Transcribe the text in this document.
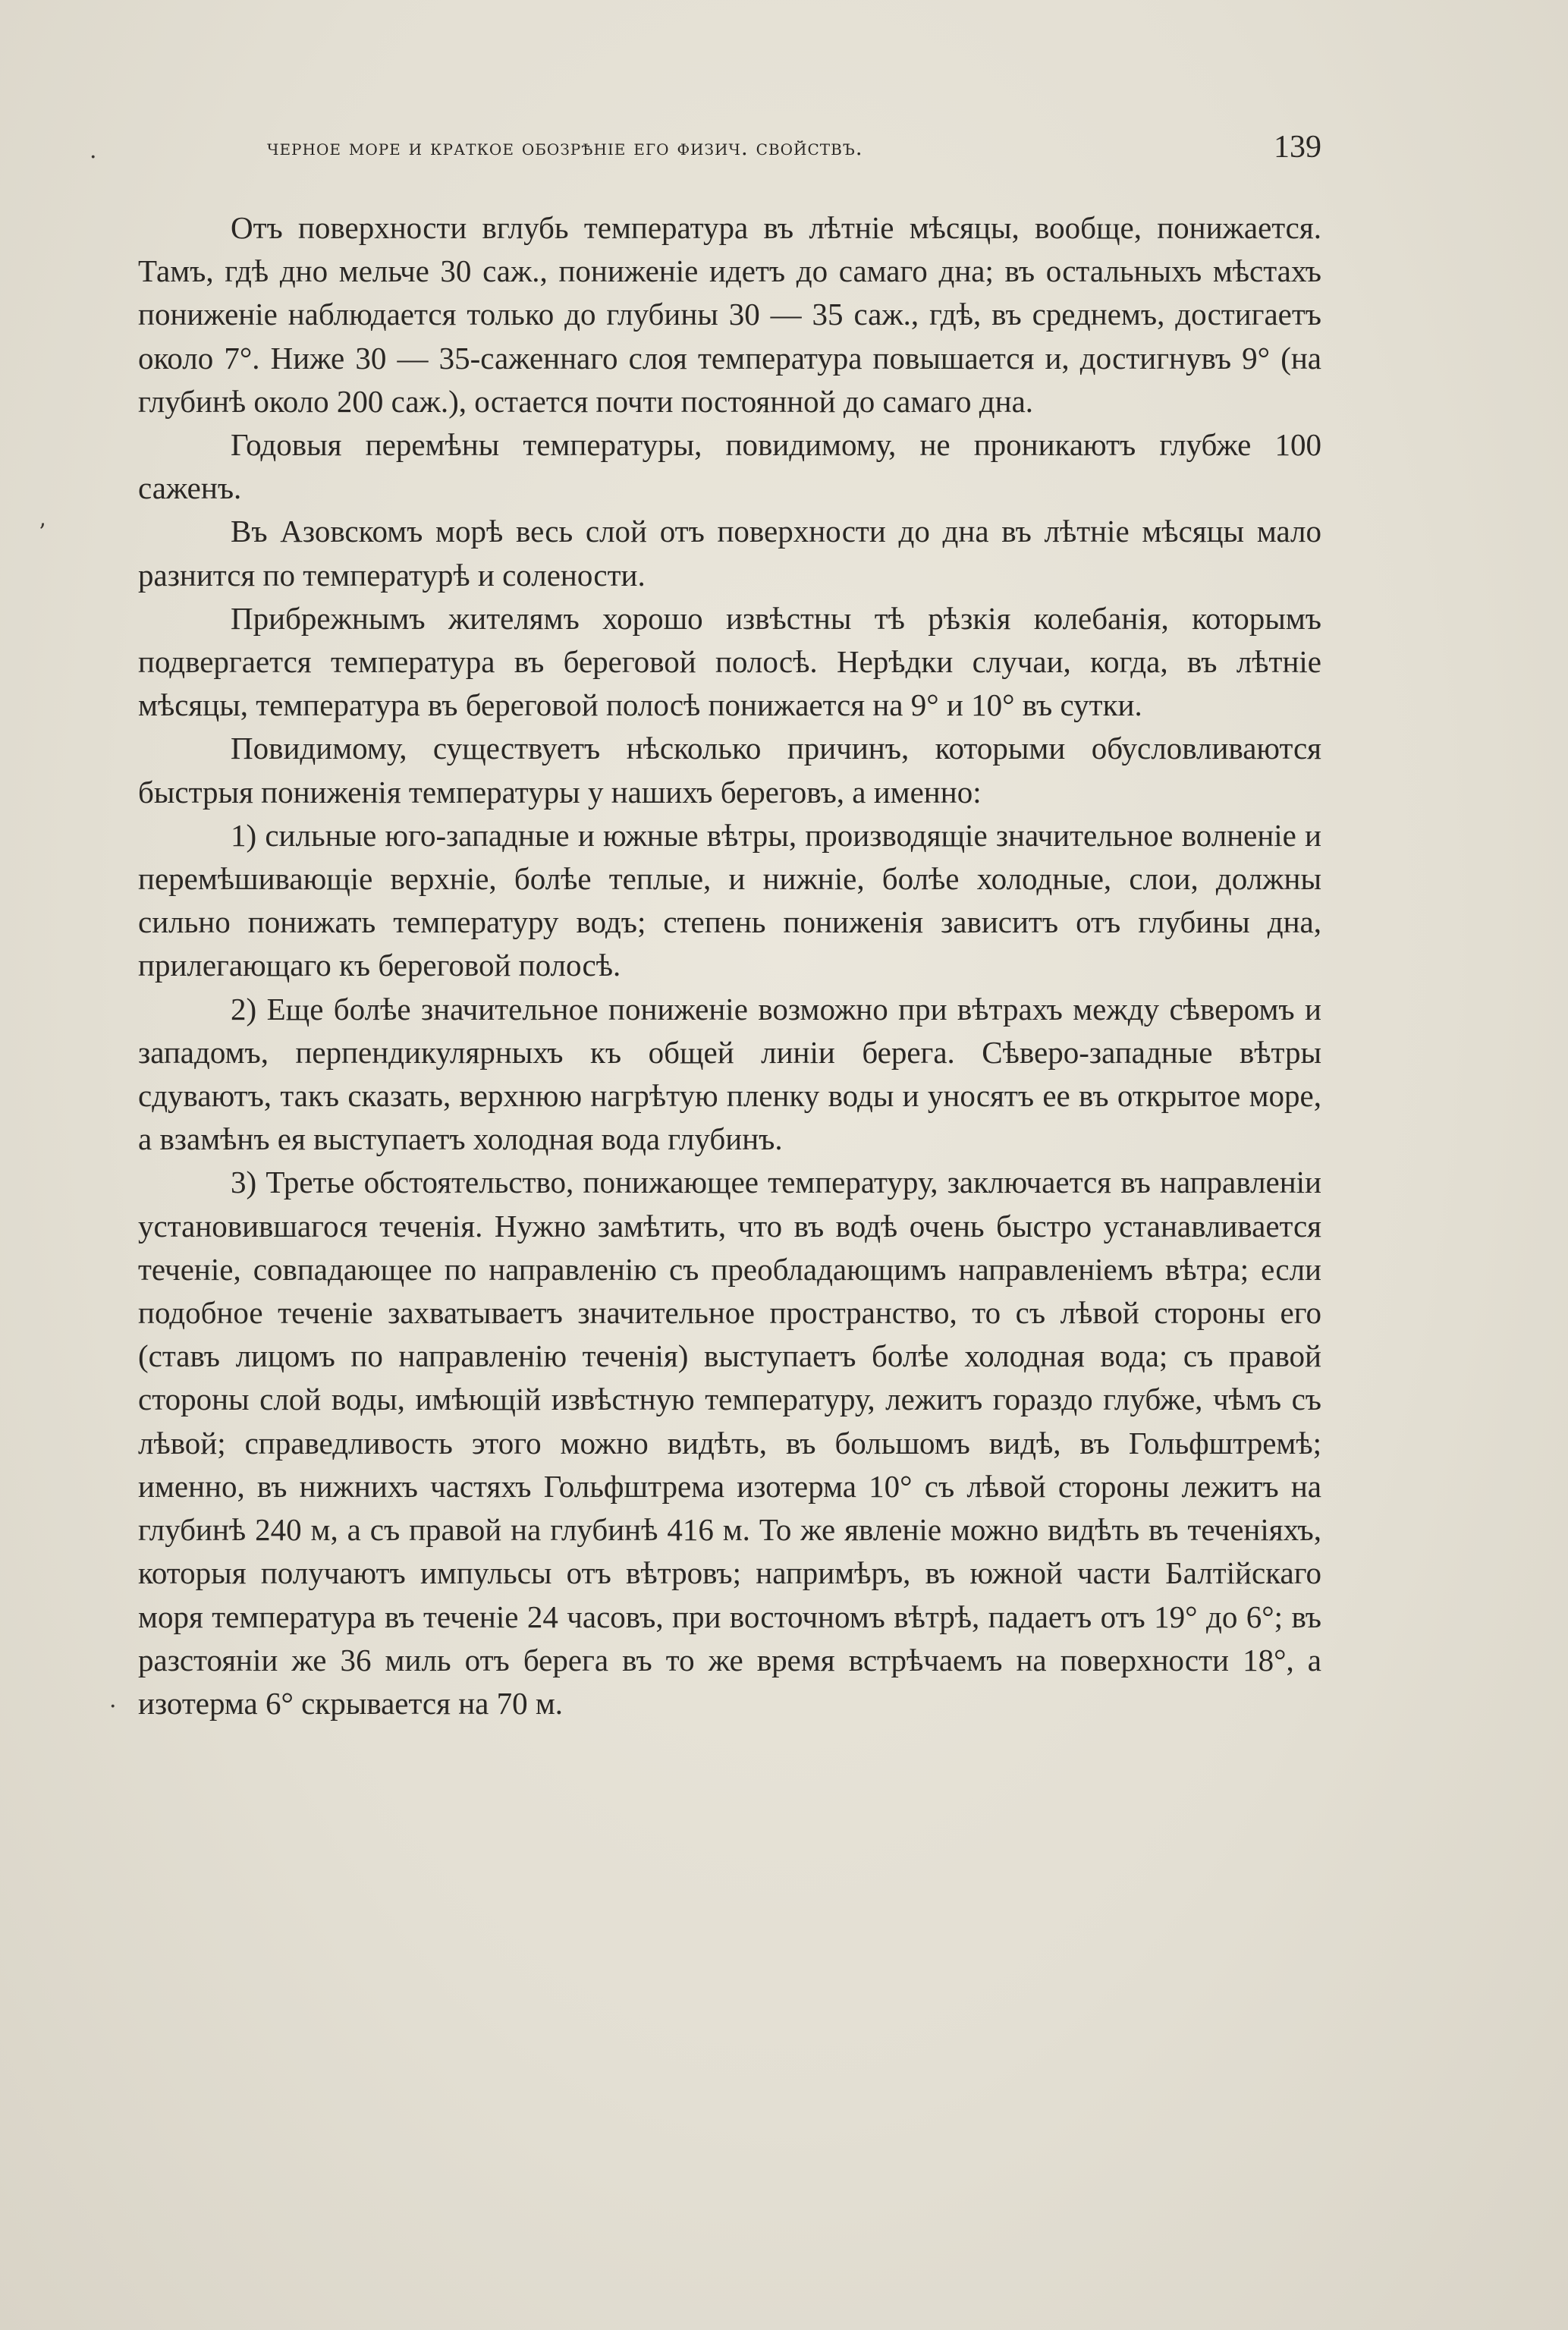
·
ʼ
·
черное море и краткое обозрѣніе его физич. свойствъ.	139

Отъ поверхности вглубь температура въ лѣтніе мѣсяцы, вообще, понижается. Тамъ, гдѣ дно мельче 30 саж., пониженіе идетъ до самаго дна; въ остальныхъ мѣстахъ пониженіе наблюдается только до глубины 30 — 35 саж., гдѣ, въ среднемъ, достигаетъ около 7°. Ниже 30 — 35-саженнаго слоя температура повышается и, достигнувъ 9° (на глубинѣ около 200 саж.), остается почти постоянной до самаго дна.

Годовыя перемѣны температуры, повидимому, не проникаютъ глубже 100 саженъ.

Въ Азовскомъ морѣ весь слой отъ поверхности до дна въ лѣтніе мѣсяцы мало разнится по температурѣ и солености.

Прибрежнымъ жителямъ хорошо извѣстны тѣ рѣзкія колебанія, которымъ подвергается температура въ береговой полосѣ. Нерѣдки случаи, когда, въ лѣтніе мѣсяцы, температура въ береговой полосѣ понижается на 9° и 10° въ сутки.

Повидимому, существуетъ нѣсколько причинъ, которыми обусловливаются быстрыя пониженія температуры у нашихъ береговъ, а именно:

1) сильные юго-западные и южные вѣтры, производящіе значительное волненіе и перемѣшивающіе верхніе, болѣе теплые, и нижніе, болѣе холодные, слои, должны сильно понижать температуру водъ; степень пониженія зависитъ отъ глубины дна, прилегающаго къ береговой полосѣ.

2) Еще болѣе значительное пониженіе возможно при вѣтрахъ между сѣверомъ и западомъ, перпендикулярныхъ къ общей линіи берега. Сѣверо-западные вѣтры сдуваютъ, такъ сказать, верхнюю нагрѣтую пленку воды и уносятъ ее въ открытое море, а взамѣнъ ея выступаетъ холодная вода глубинъ.

3) Третье обстоятельство, понижающее температуру, заключается въ направленіи установившагося теченія. Нужно замѣтить, что въ водѣ очень быстро устанавливается теченіе, совпадающее по направленію съ преобладающимъ направленіемъ вѣтра; если подобное теченіе захватываетъ значительное пространство, то съ лѣвой стороны его (ставъ лицомъ по направленію теченія) выступаетъ болѣе холодная вода; съ правой стороны слой воды, имѣющій извѣстную температуру, лежитъ гораздо глубже, чѣмъ съ лѣвой; справедливость этого можно видѣть, въ большомъ видѣ, въ Гольфштремѣ; именно, въ нижнихъ частяхъ Гольфштрема изотерма 10° съ лѣвой стороны лежитъ на глубинѣ 240 м, а съ правой на глубинѣ 416 м. То же явленіе можно видѣть въ теченіяхъ, которыя получаютъ импульсы отъ вѣтровъ; напримѣръ, въ южной части Балтійскаго моря температура въ теченіе 24 часовъ, при восточномъ вѣтрѣ, падаетъ отъ 19° до 6°; въ разстояніи же 36 миль отъ берега въ то же время встрѣчаемъ на поверхности 18°, а изотерма 6° скрывается на 70 м.
